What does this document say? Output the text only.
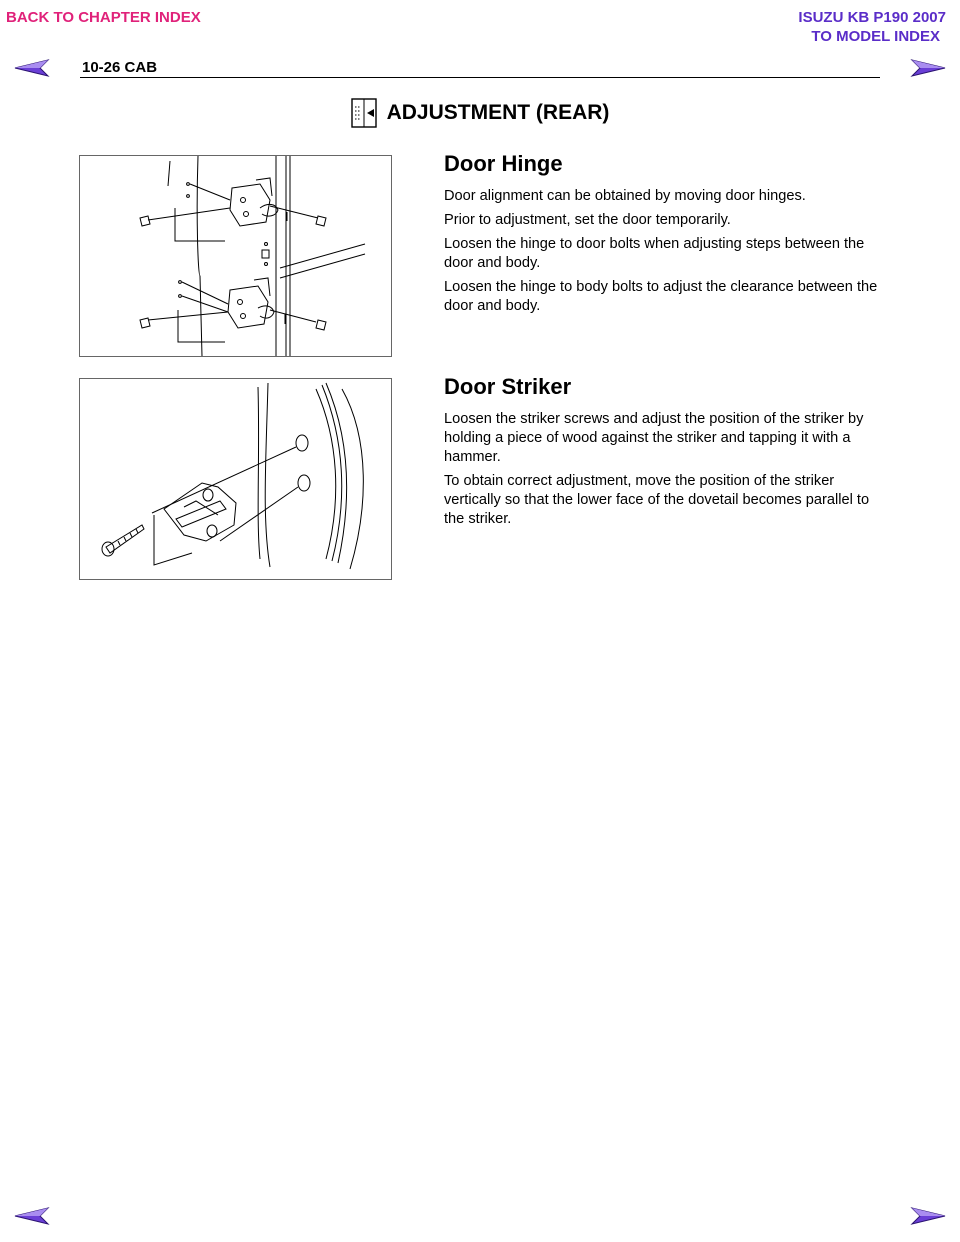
BACK TO CHAPTER INDEX	ISUZU KB P190 2007
TO MODEL INDEX
10-26 CAB
ADJUSTMENT (REAR)
Door Hinge

Door alignment can be obtained by moving door hinges.

Prior to adjustment, set the door temporarily.

Loosen the hinge to door bolts when adjusting steps between the door and body.

Loosen the hinge to body bolts to adjust the clearance between the door and body.

Door Striker

Loosen the striker screws and adjust the position of the striker by holding a piece of wood against the striker and tapping it with a hammer.

To obtain correct adjustment, move the position of the striker vertically so that the lower face of the dovetail becomes parallel to the striker.
